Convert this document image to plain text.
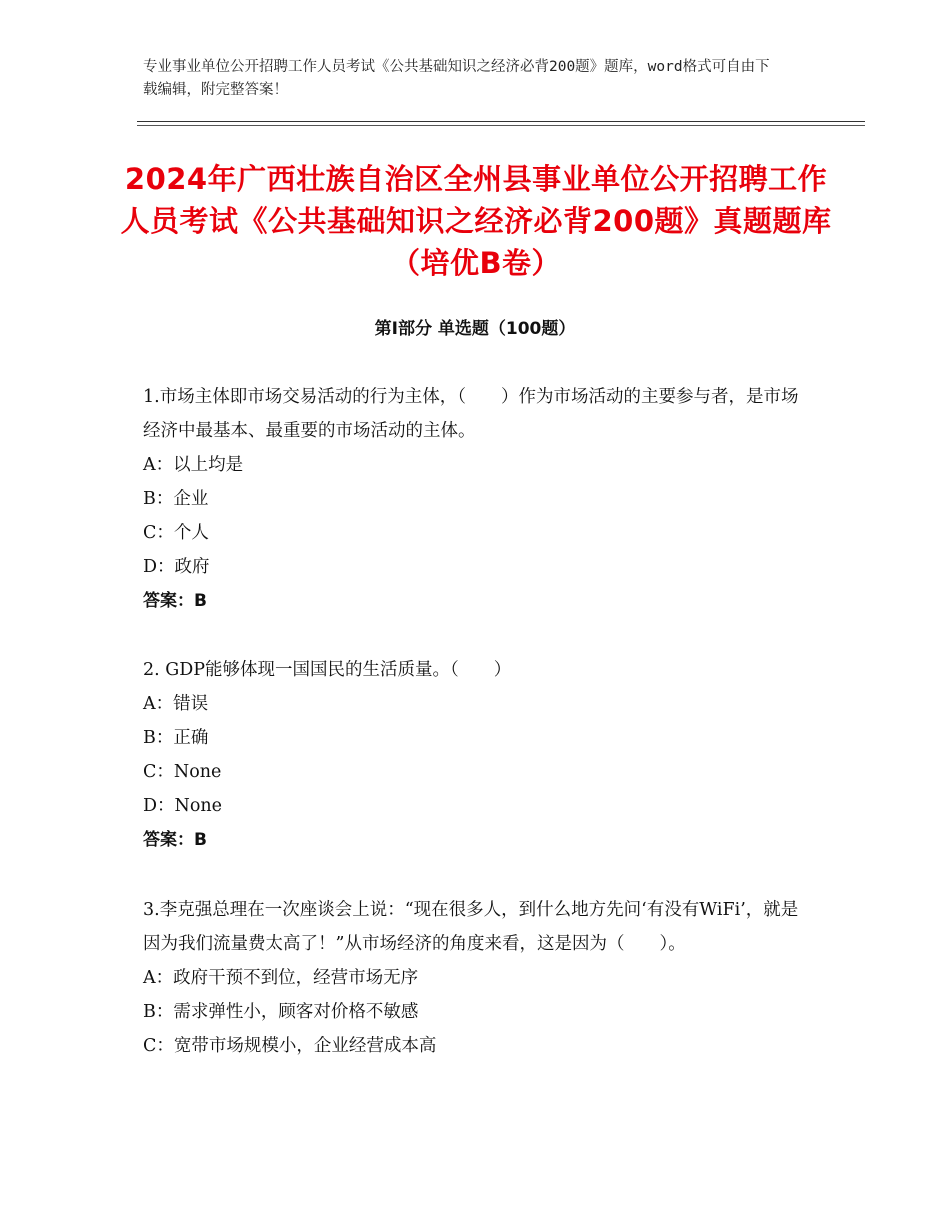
专业事业单位公开招聘工作人员考试《公共基础知识之经济必背200题》题库，word格式可自由下载编辑，附完整答案！
2024年广西壮族自治区全州县事业单位公开招聘工作人员考试《公共基础知识之经济必背200题》真题题库（培优B卷）
第Ⅰ部分 单选题（100题）
1.市场主体即市场交易活动的行为主体，（　　）作为市场活动的主要参与者，是市场经济中最基本、最重要的市场活动的主体。
A：以上均是
B：企业
C：个人
D：政府
答案：B
2. GDP能够体现一国国民的生活质量。（　　）
A：错误
B：正确
C：None
D：None
答案：B
3.李克强总理在一次座谈会上说：“现在很多人，到什么地方先问‘有没有WiFi’，就是因为我们流量费太高了！”从市场经济的角度来看，这是因为（　　）。
A：政府干预不到位，经营市场无序
B：需求弹性小，顾客对价格不敏感
C：宽带市场规模小，企业经营成本高
